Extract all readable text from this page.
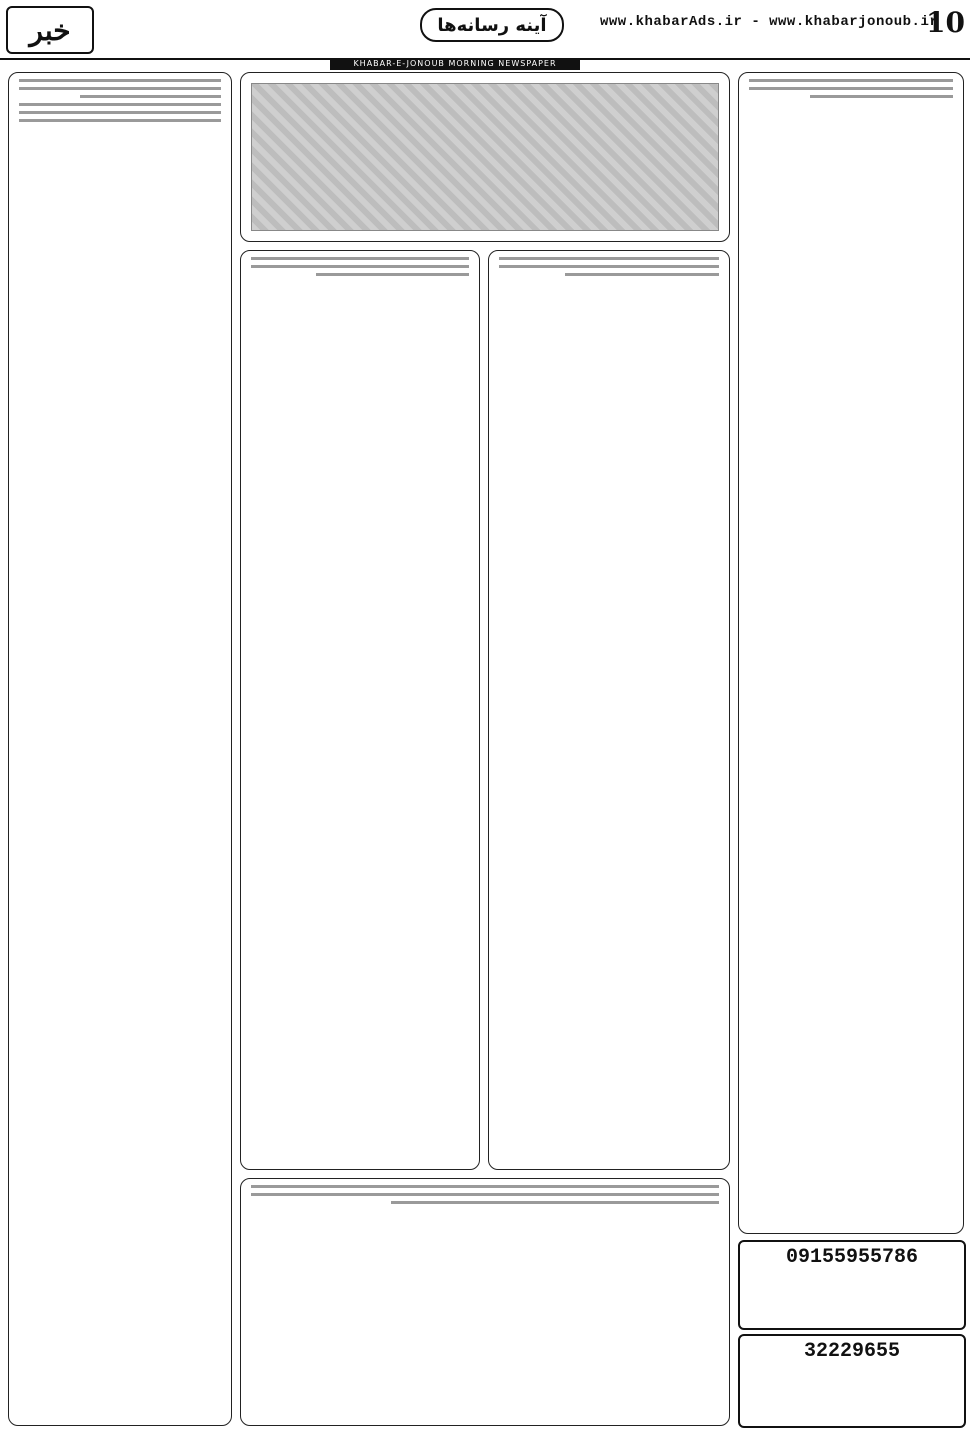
خبر	آینه رسانه‌ها	www.khabarAds.ir - www.khabarjonoub.ir
10
KHABAR-E-JONOUB MORNING NEWSPAPER
09155955786
32229655
